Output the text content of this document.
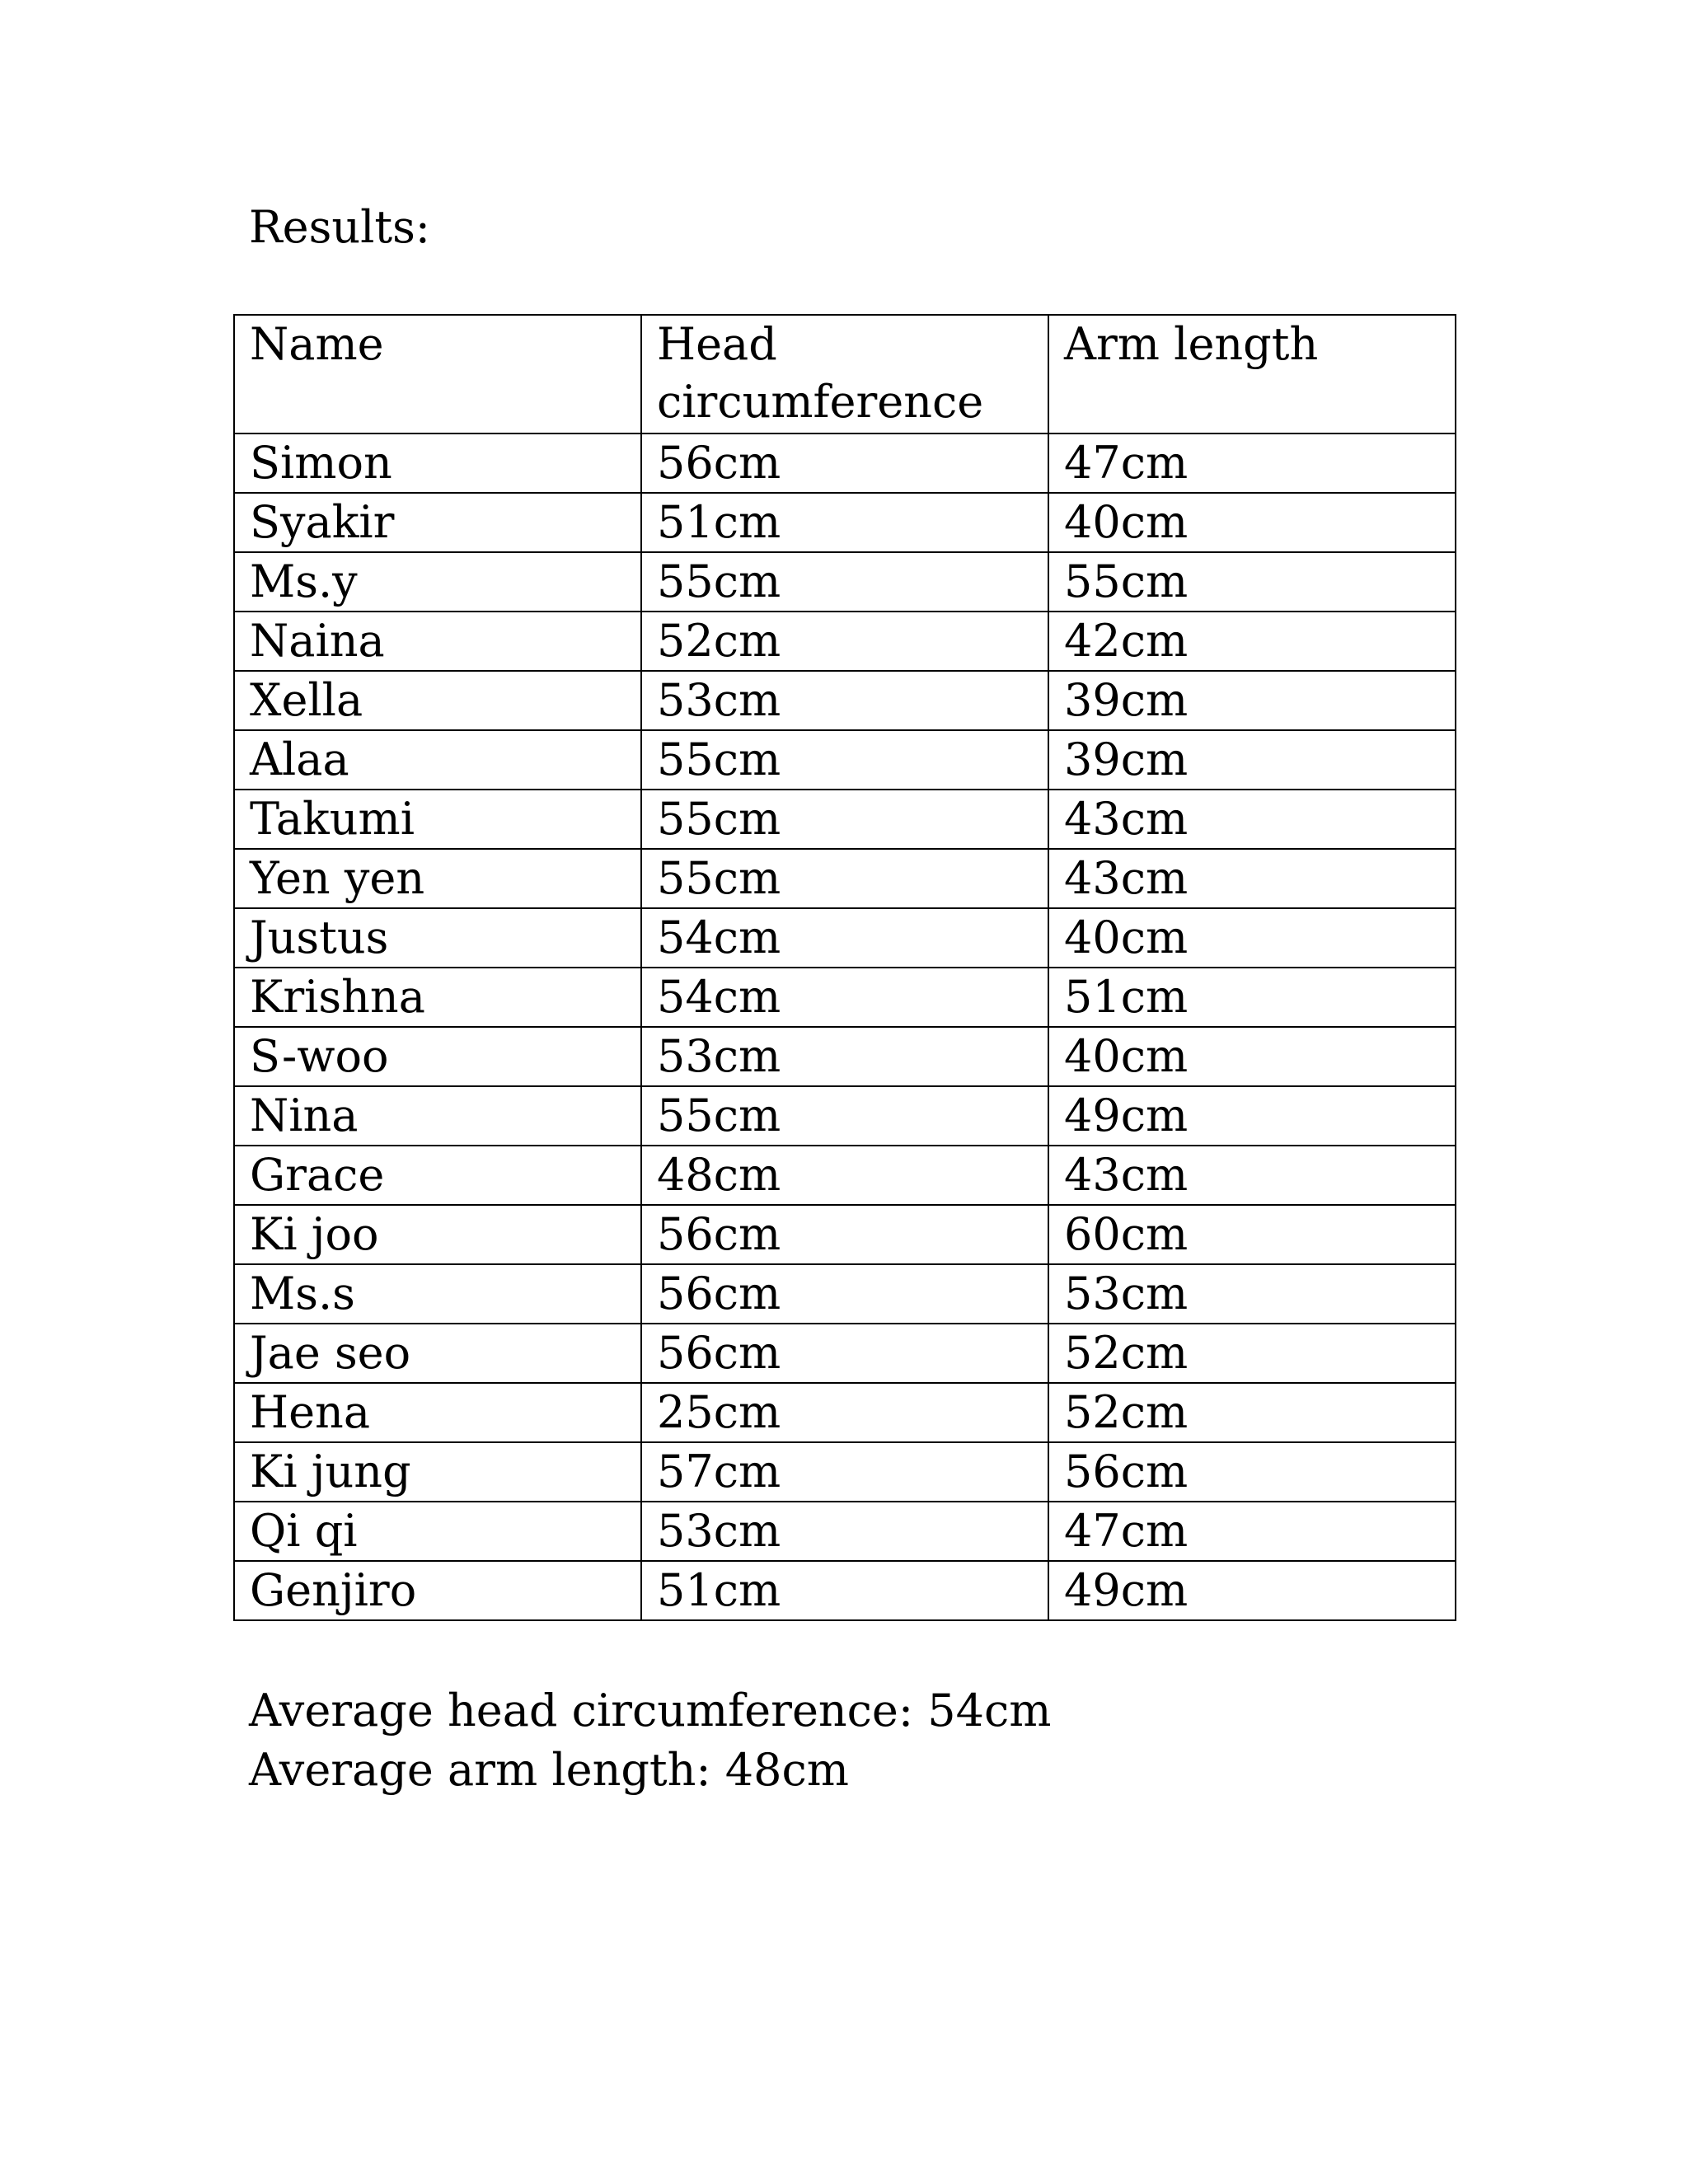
Results:
Name	Head circumference	Arm length
Simon	56cm	47cm
Syakir	51cm	40cm
Ms.y	55cm	55cm
Naina	52cm	42cm
Xella	53cm	39cm
Alaa	55cm	39cm
Takumi	55cm	43cm
Yen yen	55cm	43cm
Justus	54cm	40cm
Krishna	54cm	51cm
S-woo	53cm	40cm
Nina	55cm	49cm
Grace	48cm	43cm
Ki joo	56cm	60cm
Ms.s	56cm	53cm
Jae seo	56cm	52cm
Hena	25cm	52cm
Ki jung	57cm	56cm
Qi qi	53cm	47cm
Genjiro	51cm	49cm
Average head circumference: 54cm
Average arm length: 48cm
